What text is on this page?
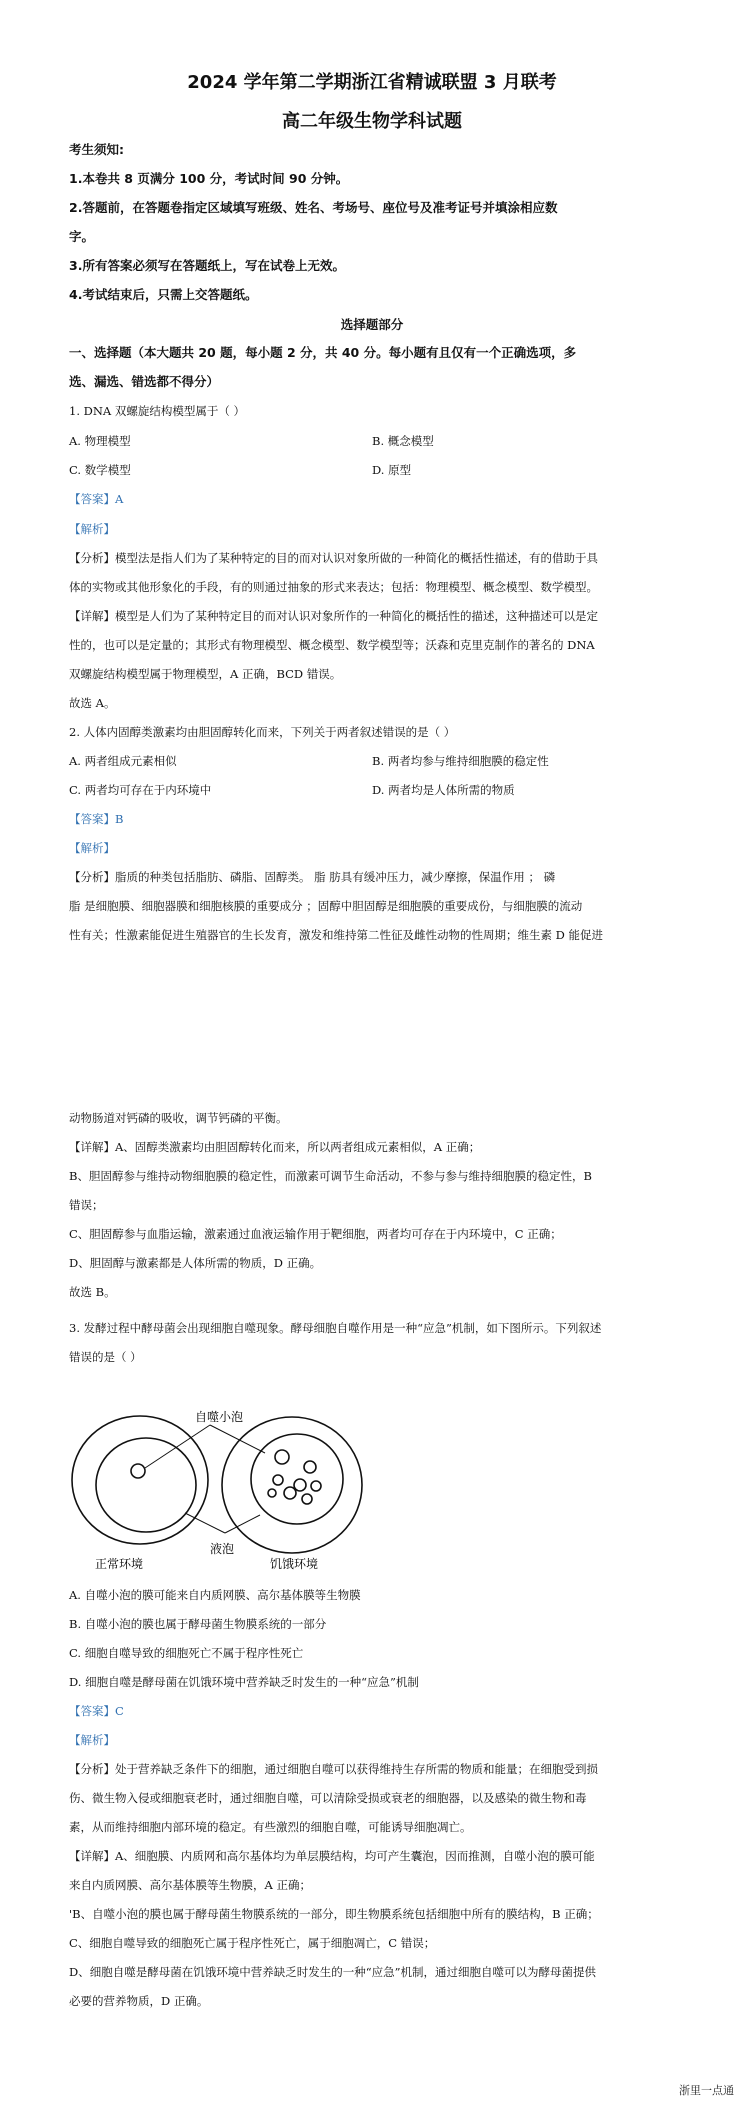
2024 学年第二学期浙江省精诚联盟 3 月联考
高二年级生物学科试题
考生须知:
1.本卷共 8 页满分 100 分，考试时间 90 分钟。
2.答题前，在答题卷指定区域填写班级、姓名、考场号、座位号及准考证号并填涂相应数
字。
3.所有答案必须写在答题纸上，写在试卷上无效。
4.考试结束后，只需上交答题纸。
选择题部分
一、选择题（本大题共 20 题，每小题 2 分，共 40 分。每小题有且仅有一个正确选项，多
选、漏选、错选都不得分）
1. DNA 双螺旋结构模型属于（ ）
A. 物理模型	B. 概念模型
C. 数学模型	D. 原型
【答案】A
【解析】
【分析】模型法是指人们为了某种特定的目的而对认识对象所做的一种简化的概括性描述，有的借助于具
体的实物或其他形象化的手段，有的则通过抽象的形式来表达；包括：物理模型、概念模型、数学模型。
【详解】模型是人们为了某种特定目的而对认识对象所作的一种简化的概括性的描述，这种描述可以是定
性的，也可以是定量的；其形式有物理模型、概念模型、数学模型等；沃森和克里克制作的著名的 DNA
双螺旋结构模型属于物理模型，A 正确，BCD 错误。
故选 A。
2. 人体内固醇类激素均由胆固醇转化而来，下列关于两者叙述错误的是（ ）
A. 两者组成元素相似	B. 两者均参与维持细胞膜的稳定性
C. 两者均可存在于内环境中	D. 两者均是人体所需的物质
【答案】B
【解析】
【分析】脂质的种类包括脂肪、磷脂、固醇类。 脂 肪具有缓冲压力，减少摩擦，保温作用 ； 磷
脂 是细胞膜、细胞器膜和细胞核膜的重要成分 ；固醇中胆固醇是细胞膜的重要成份，与细胞膜的流动
性有关；性激素能促进生殖器官的生长发育，激发和维持第二性征及雌性动物的性周期；维生素 D 能促进
动物肠道对钙磷的吸收，调节钙磷的平衡。
【详解】A、固醇类激素均由胆固醇转化而来，所以两者组成元素相似，A 正确；
B、胆固醇参与维持动物细胞膜的稳定性，而激素可调节生命活动，不参与参与维持细胞膜的稳定性，B
错误；
C、胆固醇参与血脂运输，激素通过血液运输作用于靶细胞，两者均可存在于内环境中，C 正确；
D、胆固醇与激素都是人体所需的物质，D 正确。
故选 B。
3. 发酵过程中酵母菌会出现细胞自噬现象。酵母细胞自噬作用是一种“应急”机制，如下图所示。下列叙述
错误的是（ ）
自噬小泡
液泡
正常环境	饥饿环境
A. 自噬小泡的膜可能来自内质网膜、高尔基体膜等生物膜
B. 自噬小泡的膜也属于酵母菌生物膜系统的一部分
C. 细胞自噬导致的细胞死亡不属于程序性死亡
D. 细胞自噬是酵母菌在饥饿环境中营养缺乏时发生的一种“应急”机制
【答案】C
【解析】
【分析】处于营养缺乏条件下的细胞，通过细胞自噬可以获得维持生存所需的物质和能量；在细胞受到损
伤、微生物入侵或细胞衰老时，通过细胞自噬，可以清除受损或衰老的细胞器，以及感染的微生物和毒
素，从而维持细胞内部环境的稳定。有些激烈的细胞自噬，可能诱导细胞凋亡。
【详解】A、细胞膜、内质网和高尔基体均为单层膜结构，均可产生囊泡，因而推测，自噬小泡的膜可能
来自内质网膜、高尔基体膜等生物膜，A 正确；
'B、自噬小泡的膜也属于酵母菌生物膜系统的一部分，即生物膜系统包括细胞中所有的膜结构，B 正确；
C、细胞自噬导致的细胞死亡属于程序性死亡，属于细胞凋亡，C 错误；
D、细胞自噬是酵母菌在饥饿环境中营养缺乏时发生的一种“应急”机制，通过细胞自噬可以为酵母菌提供
必要的营养物质，D 正确。
浙里一点通
